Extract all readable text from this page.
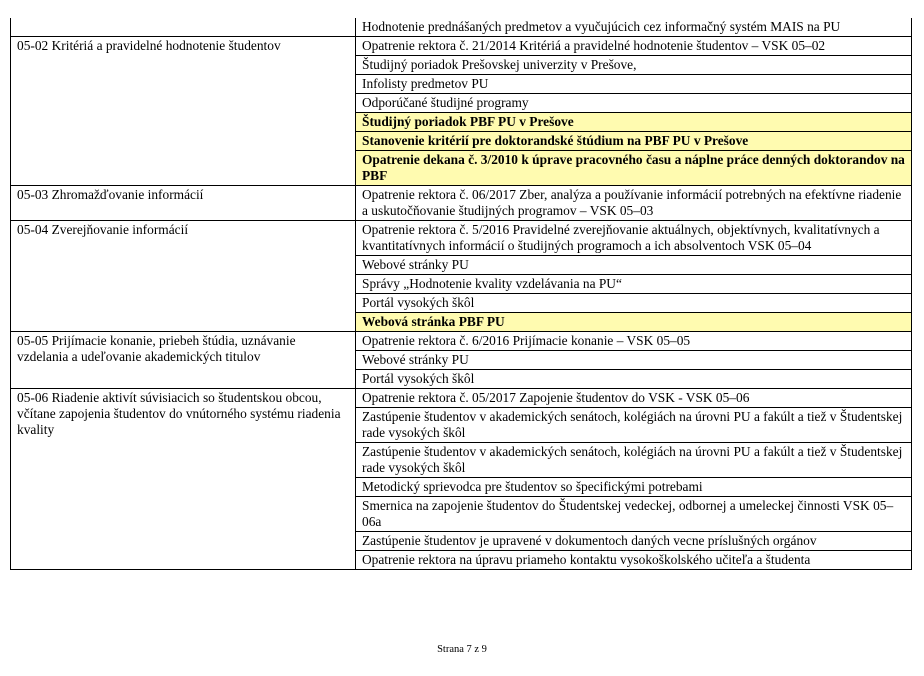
	Hodnotenie prednášaných predmetov a vyučujúcich cez informačný systém MAIS na PU
05-02 Kritériá a pravidelné hodnotenie študentov	Opatrenie rektora č. 21/2014 Kritériá a pravidelné hodnotenie študentov – VSK 05–02
	Študijný poriadok Prešovskej univerzity v Prešove,
	Infolisty predmetov PU
	Odporúčané študijné programy
	Študijný poriadok PBF PU v Prešove
	Stanovenie kritérií pre doktorandské štúdium na PBF PU v Prešove
	Opatrenie dekana č. 3/2010 k úprave pracovného času a náplne práce denných doktorandov na PBF
05-03 Zhromažďovanie informácií	Opatrenie rektora č. 06/2017 Zber, analýza a používanie informácií potrebných na efektívne riadenie a uskutočňovanie študijných programov – VSK 05–03
05-04 Zverejňovanie informácií	Opatrenie rektora č. 5/2016 Pravidelné zverejňovanie aktuálnych, objektívnych, kvalitatívnych a kvantitatívnych informácií o študijných programoch a ich absolventoch VSK 05–04
	Webové stránky PU
	Správy „Hodnotenie kvality vzdelávania na PU“
	Portál vysokých škôl
	Webová stránka PBF PU
05-05 Prijímacie konanie, priebeh štúdia, uznávanie vzdelania a udeľovanie akademických titulov	Opatrenie rektora č. 6/2016 Prijímacie konanie – VSK 05–05
	Webové stránky PU
	Portál vysokých škôl
05-06 Riadenie aktivít súvisiacich so študentskou obcou, včítane zapojenia študentov do vnútorného systému riadenia kvality	Opatrenie rektora č. 05/2017 Zapojenie študentov do VSK - VSK 05–06
	Zastúpenie študentov v akademických senátoch, kolégiách na úrovni PU a fakúlt a tiež v Študentskej rade vysokých škôl
	Zastúpenie študentov v akademických senátoch, kolégiách na úrovni PU a fakúlt a tiež v Študentskej rade vysokých škôl
	Metodický sprievodca pre študentov so špecifickými potrebami
	Smernica na zapojenie študentov do Študentskej vedeckej, odbornej a umeleckej činnosti VSK 05–06a
	Zastúpenie študentov je upravené v dokumentoch daných vecne príslušných orgánov
	Opatrenie rektora na úpravu priameho kontaktu vysokoškolského učiteľa a študenta
Strana 7 z 9
